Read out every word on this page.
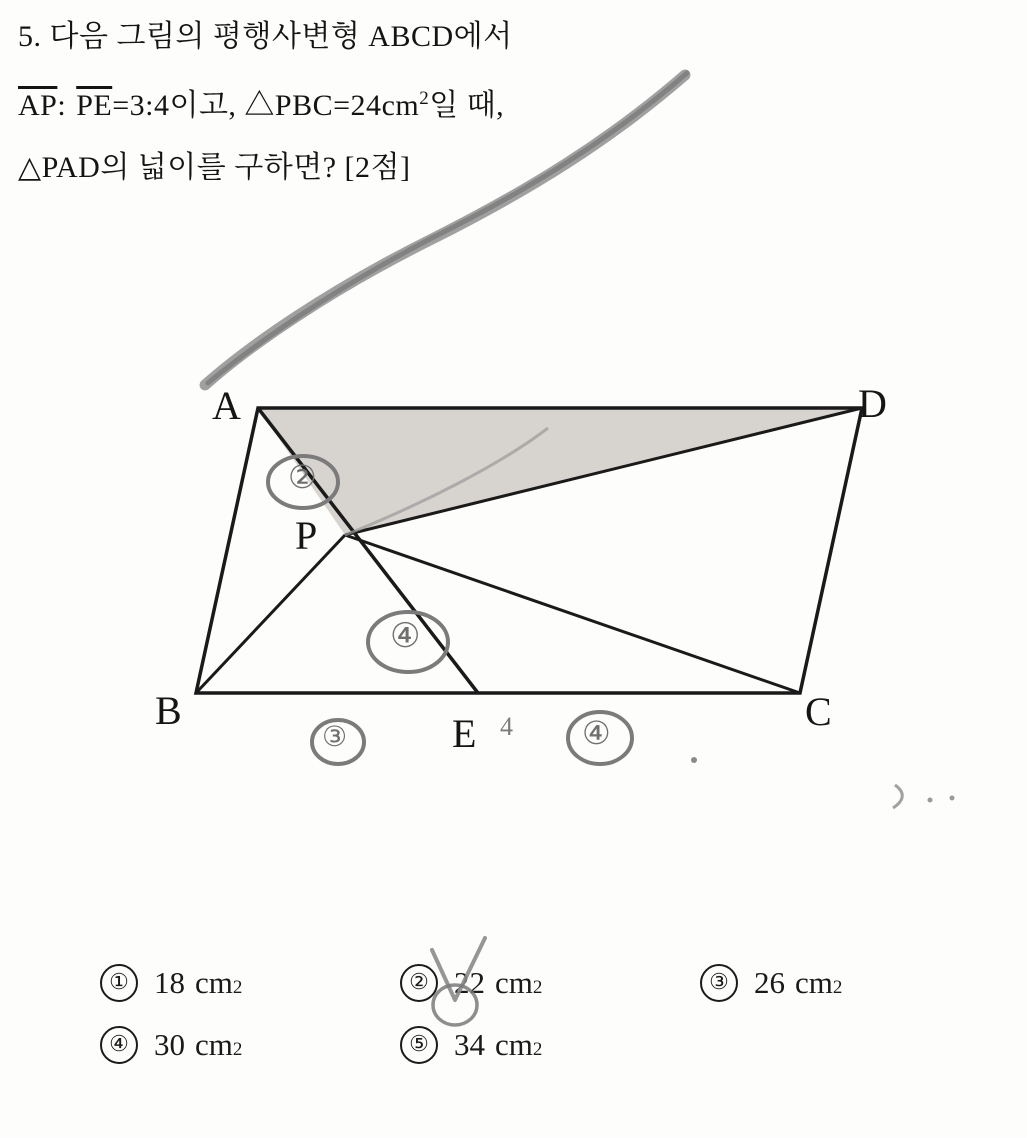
5. 다음 그림의 평행사변형 ABCD에서
$\overline{AP}$: $\overline{PE}=3:4$이고, $\triangle PBC=24cm^2$일 때,
△PAD의 넓이를 구하면? [2점]
②
④
③	④
4
A	D
P
B	C
E
① 18 cm 2	② 22 cm 2	③ 26 cm 2
④ 30 cm 2	⑤ 34 cm 2
